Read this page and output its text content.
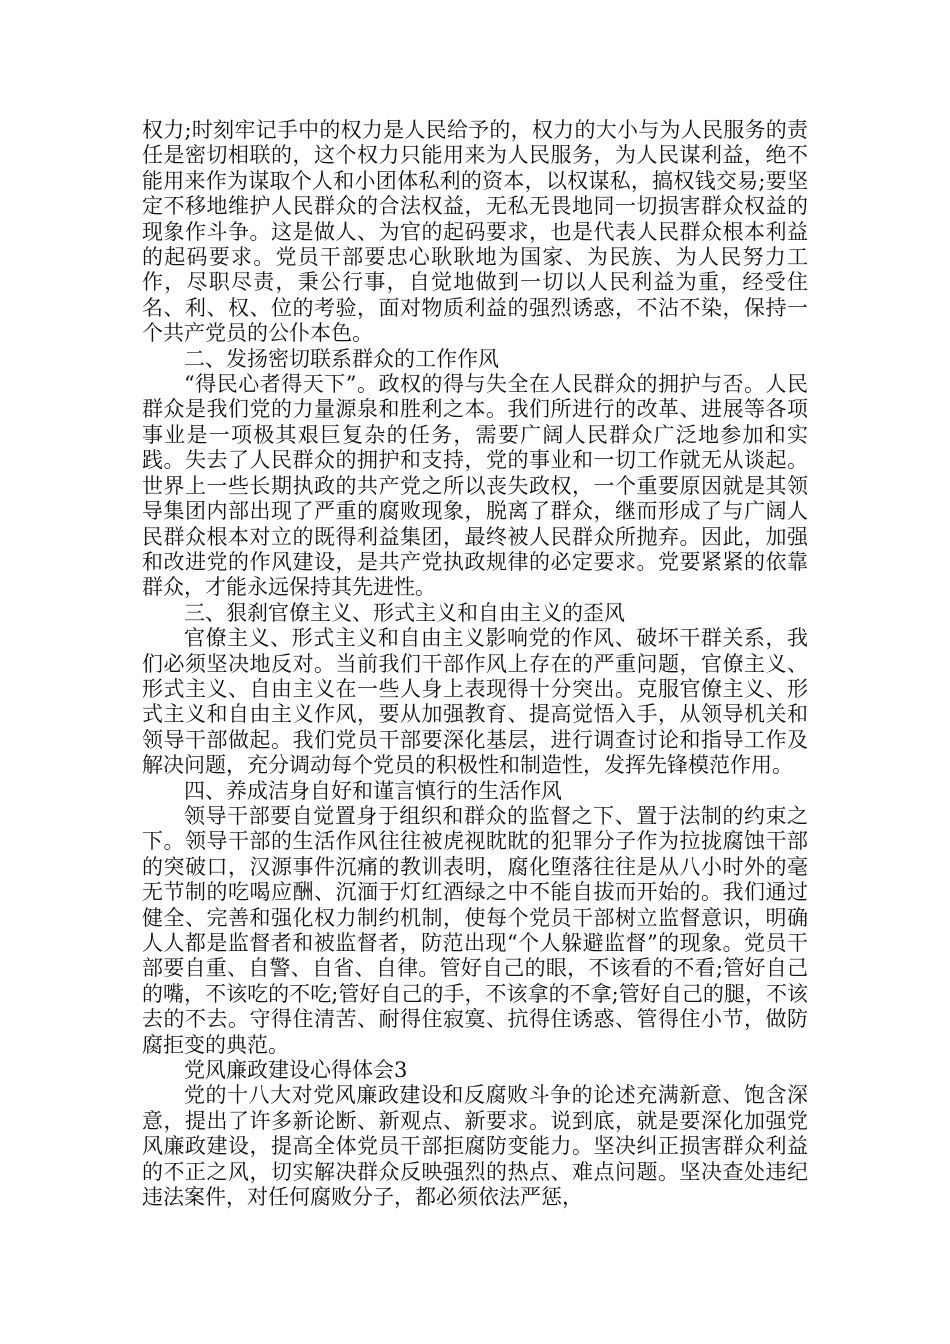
权力;时刻牢记手中的权力是人民给予的，权力的大小与为人民服务的责任是密切相联的，这个权力只能用来为人民服务，为人民谋利益，绝不能用来作为谋取个人和小团体私利的资本，以权谋私，搞权钱交易;要坚定不移地维护人民群众的合法权益，无私无畏地同一切损害群众权益的现象作斗争。这是做人、为官的起码要求，也是代表人民群众根本利益的起码要求。党员干部要忠心耿耿地为国家、为民族、为人民努力工作，尽职尽责，秉公行事，自觉地做到一切以人民利益为重，经受住名、利、权、位的考验，面对物质利益的强烈诱惑，不沾不染，保持一个共产党员的公仆本色。

二、发扬密切联系群众的工作作风

“得民心者得天下”。政权的得与失全在人民群众的拥护与否。人民群众是我们党的力量源泉和胜利之本。我们所进行的改革、进展等各项事业是一项极其艰巨复杂的任务，需要广阔人民群众广泛地参加和实践。失去了人民群众的拥护和支持，党的事业和一切工作就无从谈起。世界上一些长期执政的共产党之所以丧失政权，一个重要原因就是其领导集团内部出现了严重的腐败现象，脱离了群众，继而形成了与广阔人民群众根本对立的既得利益集团，最终被人民群众所抛弃。因此，加强和改进党的作风建设，是共产党执政规律的必定要求。党要紧紧的依靠群众，才能永远保持其先进性。

三、狠刹官僚主义、形式主义和自由主义的歪风

官僚主义、形式主义和自由主义影响党的作风、破坏干群关系，我们必须坚决地反对。当前我们干部作风上存在的严重问题，官僚主义、形式主义、自由主义在一些人身上表现得十分突出。克服官僚主义、形式主义和自由主义作风，要从加强教育、提高觉悟入手，从领导机关和领导干部做起。我们党员干部要深化基层，进行调查讨论和指导工作及解决问题，充分调动每个党员的积极性和制造性，发挥先锋模范作用。

四、养成洁身自好和谨言慎行的生活作风

领导干部要自觉置身于组织和群众的监督之下、置于法制的约束之下。领导干部的生活作风往往被虎视眈眈的犯罪分子作为拉拢腐蚀干部的突破口，汉源事件沉痛的教训表明，腐化堕落往往是从八小时外的毫无节制的吃喝应酬、沉湎于灯红酒绿之中不能自拔而开始的。我们通过健全、完善和强化权力制约机制，使每个党员干部树立监督意识，明确人人都是监督者和被监督者，防范出现“个人躲避监督”的现象。党员干部要自重、自警、自省、自律。管好自己的眼，不该看的不看;管好自己的嘴，不该吃的不吃;管好自己的手，不该拿的不拿;管好自己的腿，不该去的不去。守得住清苦、耐得住寂寞、抗得住诱惑、管得住小节，做防腐拒变的典范。

党风廉政建设心得体会3

党的十八大对党风廉政建设和反腐败斗争的论述充满新意、饱含深意，提出了许多新论断、新观点、新要求。说到底，就是要深化加强党风廉政建设，提高全体党员干部拒腐防变能力。坚决纠正损害群众利益的不正之风，切实解决群众反映强烈的热点、难点问题。坚决查处违纪违法案件，对任何腐败分子，都必须依法严惩，
